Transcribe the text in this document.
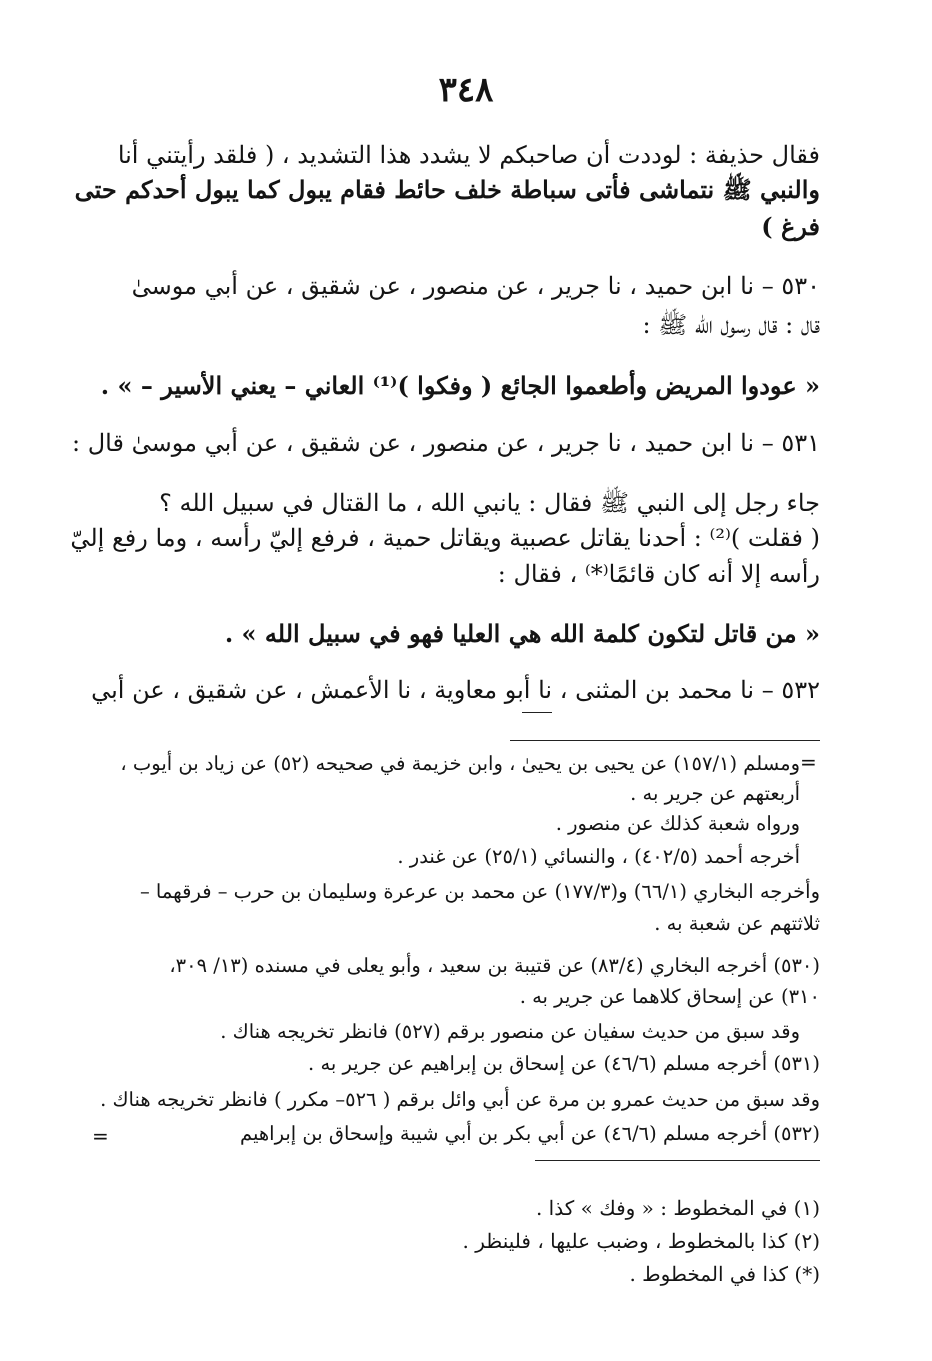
٣٤٨
فقال حذيفة : لوددت أن صاحبكم لا يشدد هذا التشديد ، ( فلقد رأيتني أنا
والنبي ﷺ نتماشى فأتى سباطة خلف حائط فقام يبول كما يبول أحدكم حتى
فرغ )
٥٣٠ – نا ابن حميد ، نا جرير ، عن منصور ، عن شقيق ، عن أبي موسىٰ
قال : قال رسول الله ﷺ :
« عودوا المريض وأطعموا الجائع ( وفكوا )⁽¹⁾ العاني – يعني الأسير – » .
٥٣١ – نا ابن حميد ، نا جرير ، عن منصور ، عن شقيق ، عن أبي موسىٰ قال :
جاء رجل إلى النبي ﷺ فقال : يانبي الله ، ما القتال في سبيل الله ؟
( فقلت )⁽²⁾ : أحدنا يقاتل عصبية ويقاتل حمية ، فرفع إليّ رأسه ، وما رفع إليّ
رأسه إلا أنه كان قائمًا⁽*⁾ ، فقال :
« من قاتل لتكون كلمة الله هي العليا فهو في سبيل الله » .
٥٣٢ – نا محمد بن المثنى ، نا أبو معاوية ، نا الأعمش ، عن شقيق ، عن أبي
=
ومسلم (١٥٧/١) عن يحيى بن يحيىٰ ، وابن خزيمة في صحيحه (٥٢) عن زياد بن أيوب ،
أربعتهم عن جرير به .
ورواه شعبة كذلك عن منصور .
أخرجه أحمد (٤٠٢/٥) ، والنسائي (٢٥/١) عن غندر .
وأخرجه البخاري (٦٦/١) و(١٧٧/٣) عن محمد بن عرعرة وسليمان بن حرب – فرقهما –
ثلاثتهم عن شعبة به .
(٥٣٠) أخرجه البخاري (٨٣/٤) عن قتيبة بن سعيد ، وأبو يعلى في مسنده (١٣/ ٣٠٩،
٣١٠) عن إسحاق كلاهما عن جرير به .
وقد سبق من حديث سفيان عن منصور برقم (٥٢٧) فانظر تخريجه هناك .
(٥٣١) أخرجه مسلم (٤٦/٦) عن إسحاق بن إبراهيم عن جرير به .
وقد سبق من حديث عمرو بن مرة عن أبي وائل برقم ( ٥٢٦– مكرر ) فانظر تخريجه هناك .
(٥٣٢) أخرجه مسلم (٤٦/٦) عن أبي بكر بن أبي شيبة وإسحاق بن إبراهيم
=
(١) في المخطوط : « وفك » كذا .
(٢) كذا بالمخطوط ، وضبب عليها ، فلينظر .
(*) كذا في المخطوط .
